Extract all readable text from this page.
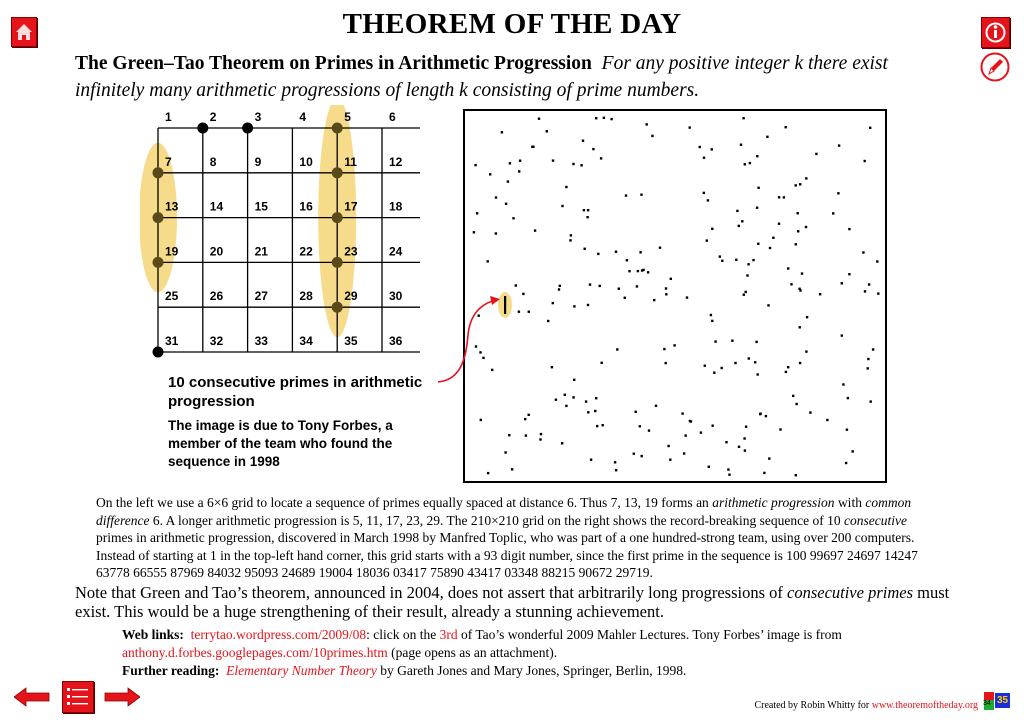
THEOREM OF THE DAY
The Green–Tao Theorem on Primes in Arithmetic Progression For any positive integer k there exist infinitely many arithmetic progressions of length k consisting of prime numbers.
1	2	3	4	5	6
7	8	9	10	11	12
13	14	15	16	17	18
19	20	21	22	23	24
25	26	27	28	29	30
31	32	33	34	35	36
10 consecutive primes in arithmetic progression
The image is due to Tony Forbes, a member of the team who found the sequence in 1998
On the left we use a 6×6 grid to locate a sequence of primes equally spaced at distance 6. Thus 7, 13, 19 forms an arithmetic progression with common difference 6. A longer arithmetic progression is 5, 11, 17, 23, 29. The 210×210 grid on the right shows the record-breaking sequence of 10 consecutive primes in arithmetic progression, discovered in March 1998 by Manfred Toplic, who was part of a one hundred-strong team, using over 200 computers. Instead of starting at 1 in the top-left hand corner, this grid starts with a 93 digit number, since the first prime in the sequence is 100 99697 24697 14247 63778 66555 87969 84032 95093 24689 19004 18036 03417 75890 43417 03348 88215 90672 29719.
Note that Green and Tao’s theorem, announced in 2004, does not assert that arbitrarily long progressions of consecutive primes must exist. This would be a huge strengthening of their result, already a stunning achievement.
Web links: terrytao.wordpress.com/2009/08: click on the 3rd of Tao’s wonderful 2009 Mahler Lectures. Tony Forbes’ image is from anthony.d.forbes.googlepages.com/10primes.htm (page opens as an attachment).
Further reading: Elementary Number Theory by Gareth Jones and Mary Jones, Springer, Berlin, 1998.
Created by Robin Whitty for www.theoremoftheday.org 34 35
